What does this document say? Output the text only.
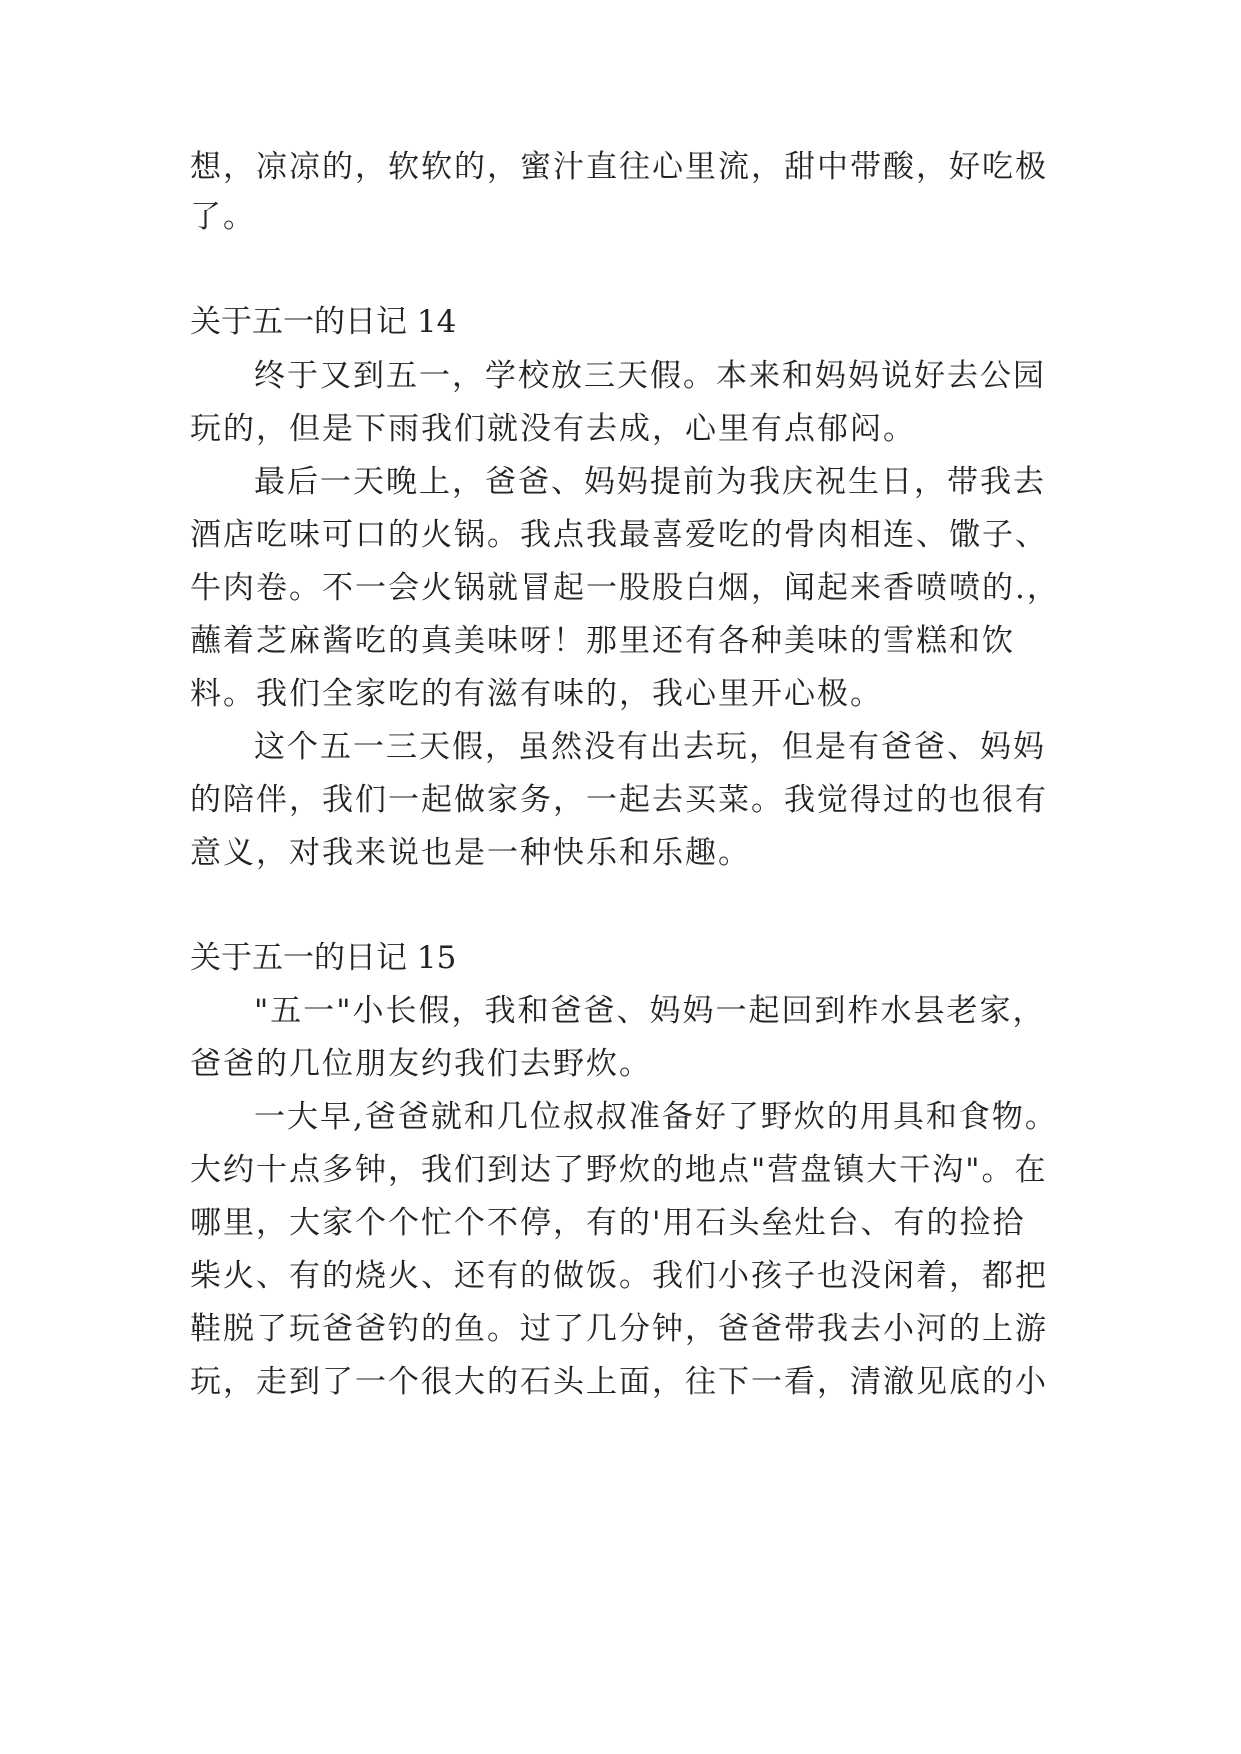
想，凉凉的，软软的，蜜汁直往心里流，甜中带酸，好吃极
了。
关于五一的日记 14
终于又到五一，学校放三天假。本来和妈妈说好去公园
玩的，但是下雨我们就没有去成，心里有点郁闷。
最后一天晚上，爸爸、妈妈提前为我庆祝生日，带我去
酒店吃味可口的火锅。我点我最喜爱吃的骨肉相连、馓子、
牛肉卷。不一会火锅就冒起一股股白烟，闻起来香喷喷的.，
蘸着芝麻酱吃的真美味呀！那里还有各种美味的雪糕和饮
料。我们全家吃的有滋有味的，我心里开心极。
这个五一三天假，虽然没有出去玩，但是有爸爸、妈妈
的陪伴，我们一起做家务，一起去买菜。我觉得过的也很有
意义，对我来说也是一种快乐和乐趣。
关于五一的日记 15
"五一"小长假，我和爸爸、妈妈一起回到柞水县老家，
爸爸的几位朋友约我们去野炊。
一大早,爸爸就和几位叔叔准备好了野炊的用具和食物。
大约十点多钟，我们到达了野炊的地点"营盘镇大干沟"。在
哪里，大家个个忙个不停，有的'用石头垒灶台、有的捡拾
柴火、有的烧火、还有的做饭。我们小孩子也没闲着，都把
鞋脱了玩爸爸钓的鱼。过了几分钟，爸爸带我去小河的上游
玩，走到了一个很大的石头上面，往下一看，清澈见底的小
